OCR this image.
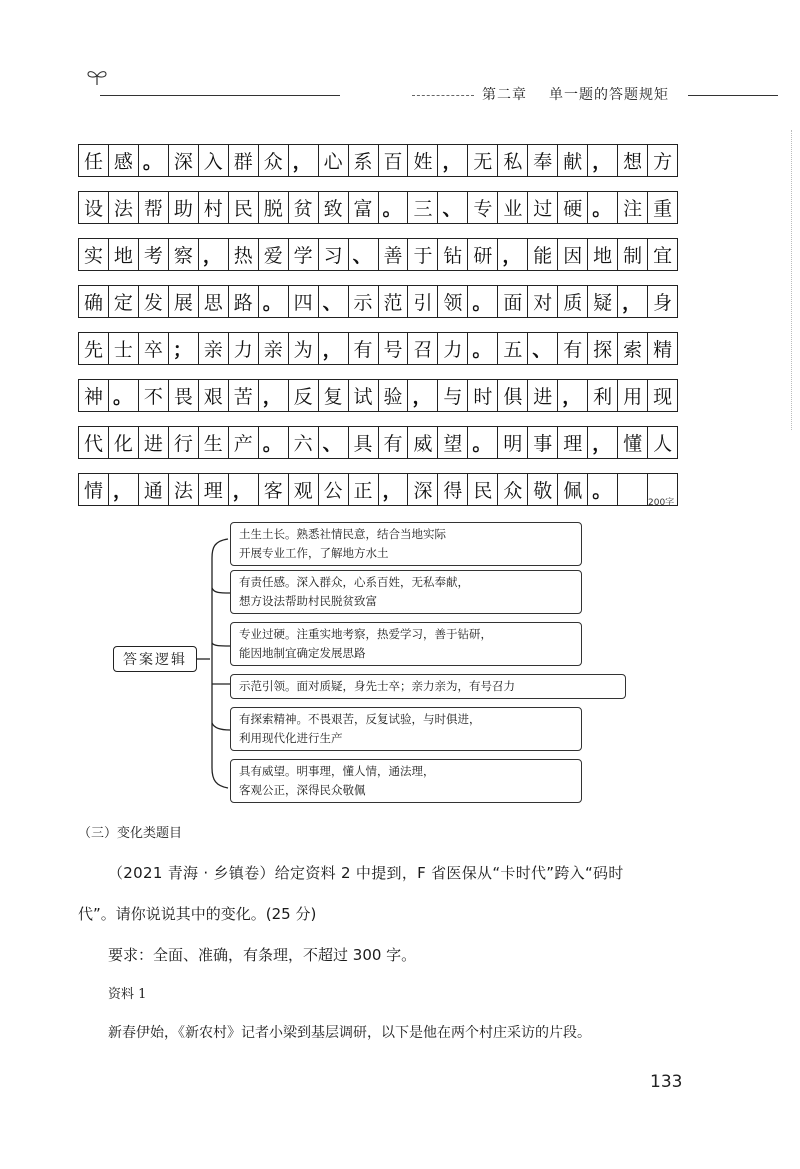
第二章 单一题的答题规矩
任 感 。 深 入 群 众 ， 心 系 百 姓 ， 无 私 奉 献 ， 想 方
设 法 帮 助 村 民 脱 贫 致 富 。 三 、 专 业 过 硬 。 注 重
实 地 考 察 ， 热 爱 学 习 、 善 于 钻 研 ， 能 因 地 制 宜
确 定 发 展 思 路 。 四 、 示 范 引 领 。 面 对 质 疑 ， 身
先 士 卒 ； 亲 力 亲 为 ， 有 号 召 力 。 五 、 有 探 索 精
神 。 不 畏 艰 苦 ， 反 复 试 验 ， 与 时 俱 进 ， 利 用 现
代 化 进 行 生 产 。 六 、 具 有 威 望 。 明 事 理 ， 懂 人
情 ， 通 法 理 ， 客 观 公 正 ， 深 得 民 众 敬 佩 。
200字
答案逻辑
土生土长。熟悉社情民意，结合当地实际
开展专业工作，了解地方水土
有责任感。深入群众，心系百姓，无私奉献，
想方设法帮助村民脱贫致富
专业过硬。注重实地考察，热爱学习，善于钻研，
能因地制宜确定发展思路
示范引领。面对质疑，身先士卒；亲力亲为，有号召力
有探索精神。不畏艰苦，反复试验，与时俱进，
利用现代化进行生产
具有威望。明事理，懂人情，通法理，
客观公正，深得民众敬佩
（三）变化类题目
（2021 青海 · 乡镇卷）给定资料 2 中提到，F 省医保从“卡时代”跨入“码时
代”。请你说说其中的变化。(25 分)
要求：全面、准确，有条理，不超过 300 字。
资料 1
新春伊始，《新农村》记者小梁到基层调研，以下是他在两个村庄采访的片段。
133
